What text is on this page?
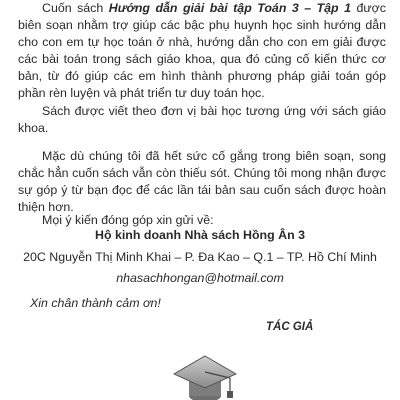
Cuốn sách Hướng dẫn giải bài tập Toán 3 – Tập 1 được biên soạn nhằm trợ giúp các bậc phụ huynh học sinh hướng dẫn cho con em tự học toán ở nhà, hướng dẫn cho con em giải được các bài toán trong sách giáo khoa, qua đó củng cố kiến thức cơ bản, từ đó giúp các em hình thành phương pháp giải toán góp phần rèn luyện và phát triển tư duy toán học.

Sách được viết theo đơn vị bài học tương ứng với sách giáo khoa.

Mặc dù chúng tôi đã hết sức cố gắng trong biên soạn, song chắc hẳn cuốn sách vẫn còn thiếu sót. Chúng tôi mong nhận được sự góp ý từ bạn đọc để các lần tái bản sau cuốn sách được hoàn thiện hơn.

Mọi ý kiến đóng góp xin gửi về:

Hộ kinh doanh Nhà sách Hồng Ân 3

20C Nguyễn Thị Minh Khai – P. Đa Kao – Q.1 – TP. Hồ Chí Minh

nhasachhongan@hotmail.com

Xin chân thành cảm ơn!

TÁC GIẢ
